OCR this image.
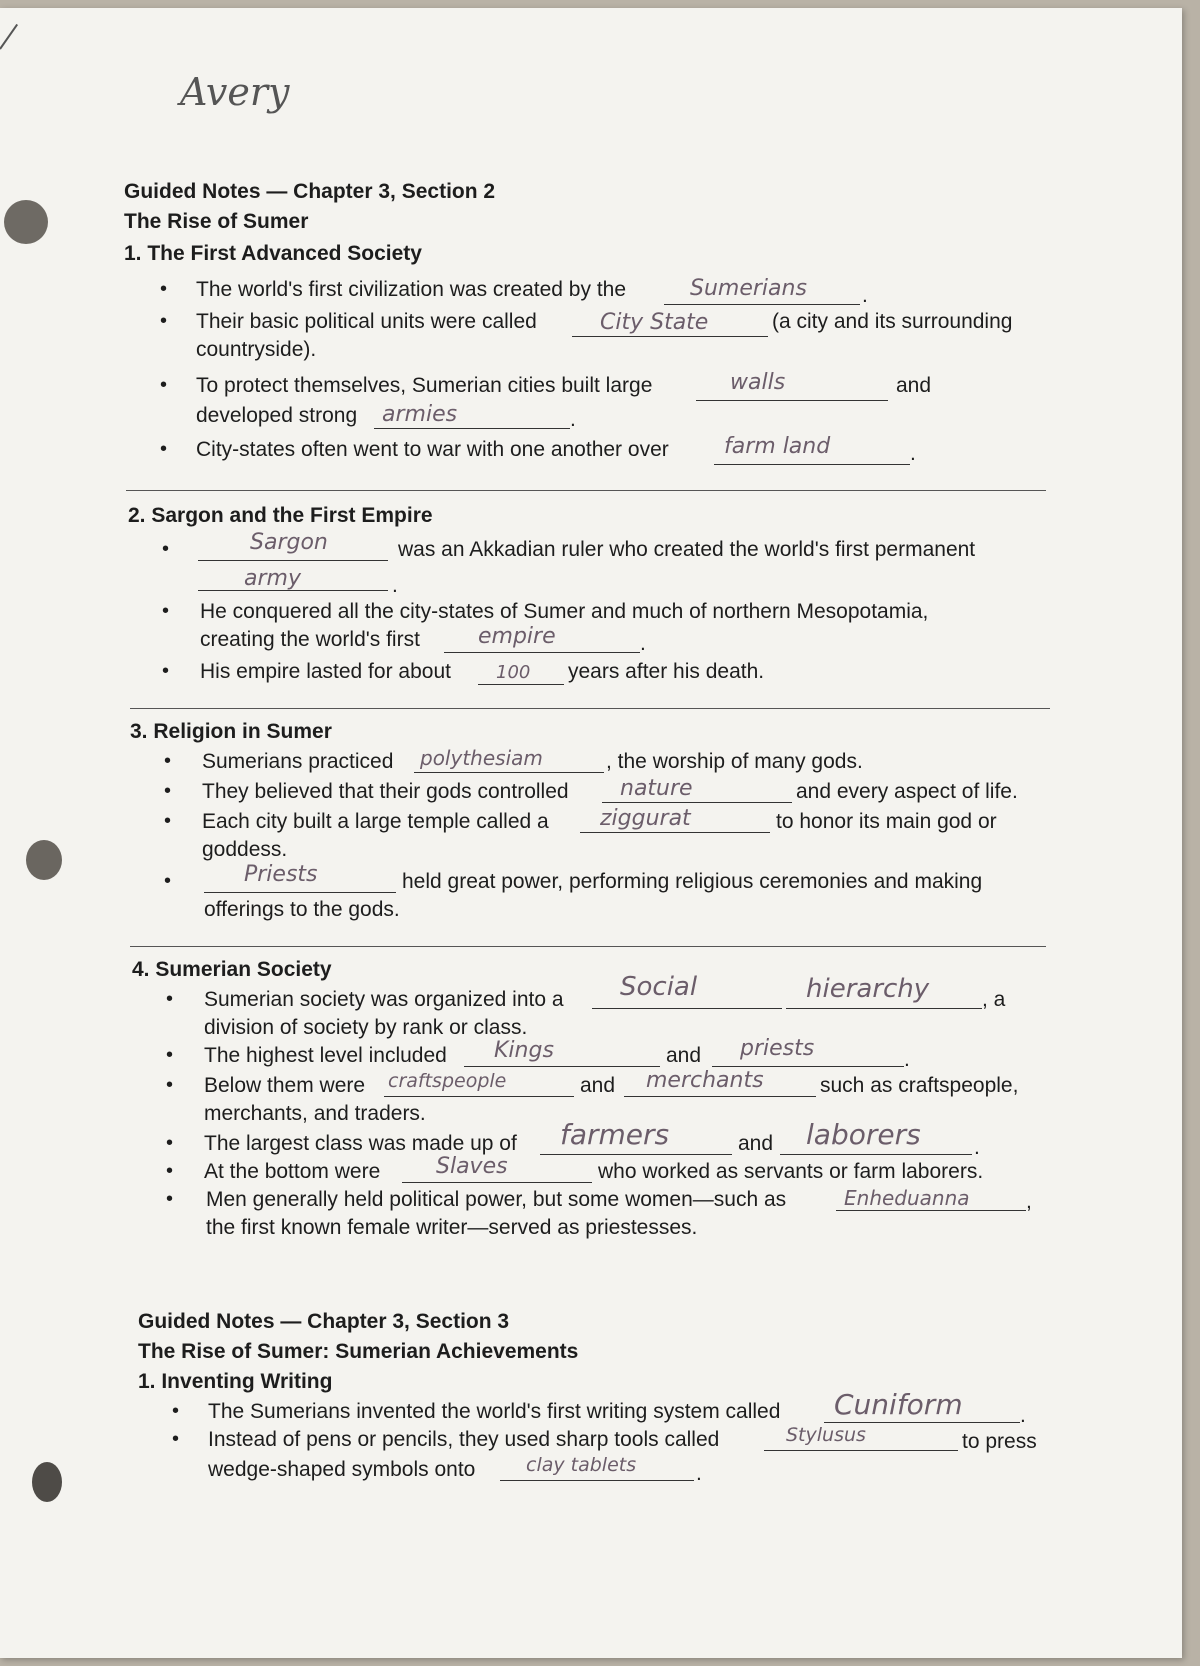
Avery
Guided Notes — Chapter 3, Section 2
The Rise of Sumer
1. The First Advanced Society
• The world's first civilization was created by the	Sumerians	.
• Their basic political units were called	City State	(a city and its surrounding
countryside).
• To protect themselves, Sumerian cities built large	walls	and
developed strong armies	.
• City-states often went to war with one another over	farm land	.
2. Sargon and the First Empire
•	Sargon	was an Akkadian ruler who created the world's first permanent
army	.
• He conquered all the city-states of Sumer and much of northern Mesopotamia,
creating the world's first	empire	.
• His empire lasted for about	100 years after his death.
3. Religion in Sumer
• Sumerians practiced polythesiam	, the worship of many gods.
• They believed that their gods controlled nature	and every aspect of life.
• Each city built a large temple called a ziggurat	to honor its main god or
goddess.
•	Priests	held great power, performing religious ceremonies and making
offerings to the gods.
4. Sumerian Society
• Sumerian society was organized into a Social	hierarchy	, a
division of society by rank or class.
• The highest level included Kings	and priests	.
• Below them were craftspeople	and merchants	such as craftspeople,
merchants, and traders.
• The largest class was made up of farmers	and laborers	.
• At the bottom were	Slaves	who worked as servants or farm laborers.
• Men generally held political power, but some women—such as	Enheduanna	,
the first known female writer—served as priestesses.
Guided Notes — Chapter 3, Section 3
The Rise of Sumer: Sumerian Achievements
1. Inventing Writing
• The Sumerians invented the world's first writing system called Cuniform	.
• Instead of pens or pencils, they used sharp tools called	Stylusus	to press
wedge-shaped symbols onto	clay tablets	.
